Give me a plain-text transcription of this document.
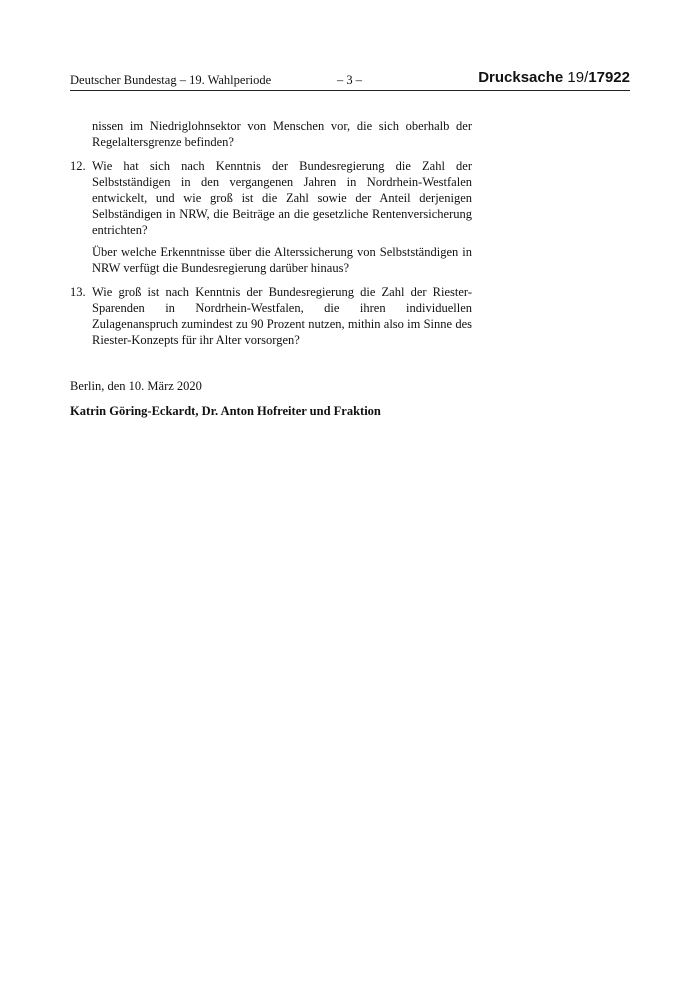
Deutscher Bundestag – 19. Wahlperiode	– 3 –	Drucksache 19/17922

nissen im Niedriglohnsektor von Menschen vor, die sich oberhalb der Regelaltersgrenze befinden?

12. Wie hat sich nach Kenntnis der Bundesregierung die Zahl der Selbstständigen in den vergangenen Jahren in Nordrhein-Westfalen entwickelt, und wie groß ist die Zahl sowie der Anteil derjenigen Selbständigen in NRW, die Beiträge an die gesetzliche Rentenversicherung entrichten?

Über welche Erkenntnisse über die Alterssicherung von Selbstständigen in NRW verfügt die Bundesregierung darüber hinaus?

13. Wie groß ist nach Kenntnis der Bundesregierung die Zahl der Riester-Sparenden in Nordrhein-Westfalen, die ihren individuellen Zulagenanspruch zumindest zu 90 Prozent nutzen, mithin also im Sinne des Riester-Konzepts für ihr Alter vorsorgen?

Berlin, den 10. März 2020
Katrin Göring-Eckardt, Dr. Anton Hofreiter und Fraktion
